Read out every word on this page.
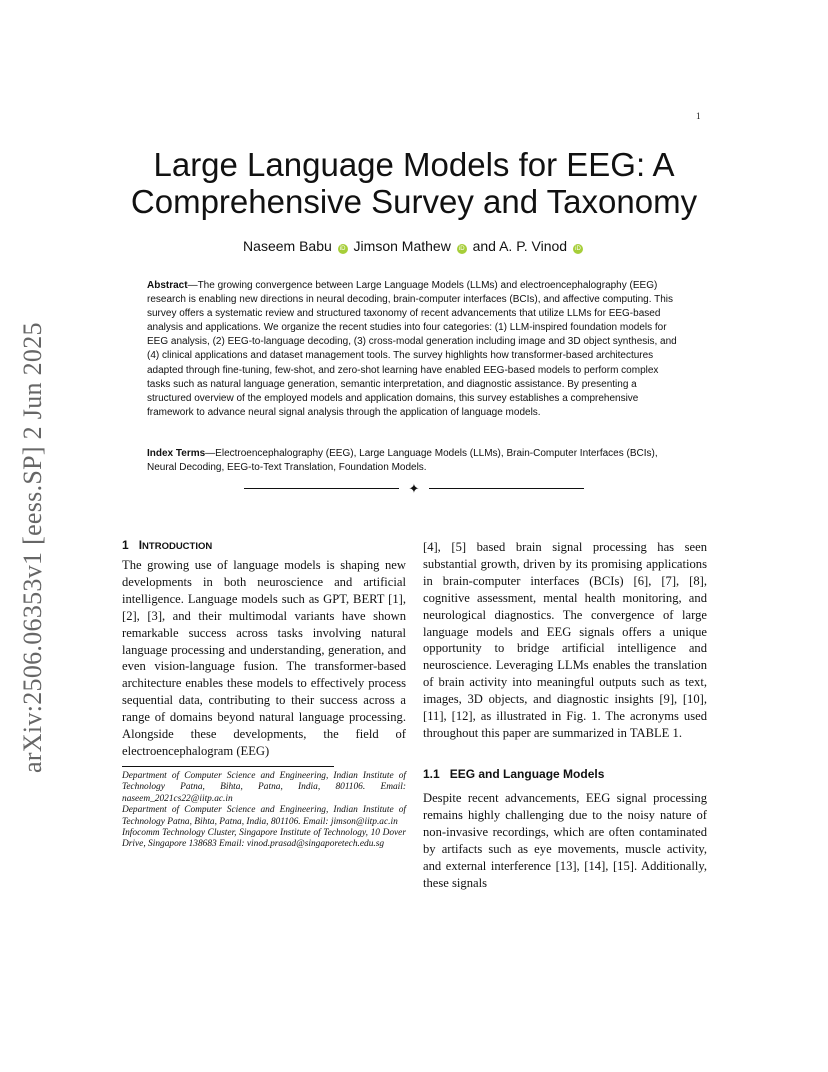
1
Large Language Models for EEG: A Comprehensive Survey and Taxonomy
Naseem Babu iD Jimson Mathew iD and A. P. Vinod iD

Abstract—The growing convergence between Large Language Models (LLMs) and electroencephalography (EEG) research is enabling new directions in neural decoding, brain-computer interfaces (BCIs), and affective computing. This survey offers a systematic review and structured taxonomy of recent advancements that utilize LLMs for EEG-based analysis and applications. We organize the recent studies into four categories: (1) LLM-inspired foundation models for EEG analysis, (2) EEG-to-language decoding, (3) cross-modal generation including image and 3D object synthesis, and (4) clinical applications and dataset management tools. The survey highlights how transformer-based architectures adapted through fine-tuning, few-shot, and zero-shot learning have enabled EEG-based models to perform complex tasks such as natural language generation, semantic interpretation, and diagnostic assistance. By presenting a structured overview of the employed models and application domains, this survey establishes a comprehensive framework to advance neural signal analysis through the application of language models.

Index Terms—Electroencephalography (EEG), Large Language Models (LLMs), Brain-Computer Interfaces (BCIs), Neural Decoding, EEG-to-Text Translation, Foundation Models.

✦
arXiv:2506.06353v1 [eess.SP] 2 Jun 2025	1 INTRODUCTION

The growing use of language models is shaping new developments in both neuroscience and artificial intelligence. Language models such as GPT, BERT [1], [2], [3], and their multimodal variants have shown remarkable success across tasks involving natural language processing and understanding, generation, and even vision-language fusion. The transformer-based architecture enables these models to effectively process sequential data, contributing to their success across a range of domains beyond natural language processing. Alongside these developments, the field of electroencephalogram (EEG)

Department of Computer Science and Engineering, Indian Institute of Technology Patna, Bihta, Patna, India, 801106. Email: naseem_2021cs22@iitp.ac.in

Department of Computer Science and Engineering, Indian Institute of Technology Patna, Bihta, Patna, India, 801106. Email: jimson@iitp.ac.in

Infocomm Technology Cluster, Singapore Institute of Technology, 10 Dover Drive, Singapore 138683 Email: vinod.prasad@singaporetech.edu.sg

[4], [5] based brain signal processing has seen substantial growth, driven by its promising applications in brain-computer interfaces (BCIs) [6], [7], [8], cognitive assessment, mental health monitoring, and neurological diagnostics. The convergence of large language models and EEG signals offers a unique opportunity to bridge artificial intelligence and neuroscience. Leveraging LLMs enables the translation of brain activity into meaningful outputs such as text, images, 3D objects, and diagnostic insights [9], [10], [11], [12], as illustrated in Fig. 1. The acronyms used throughout this paper are summarized in TABLE 1.

1.1 EEG and Language Models

Despite recent advancements, EEG signal processing remains highly challenging due to the noisy nature of non-invasive recordings, which are often contaminated by artifacts such as eye movements, muscle activity, and external interference [13], [14], [15]. Additionally, these signals
